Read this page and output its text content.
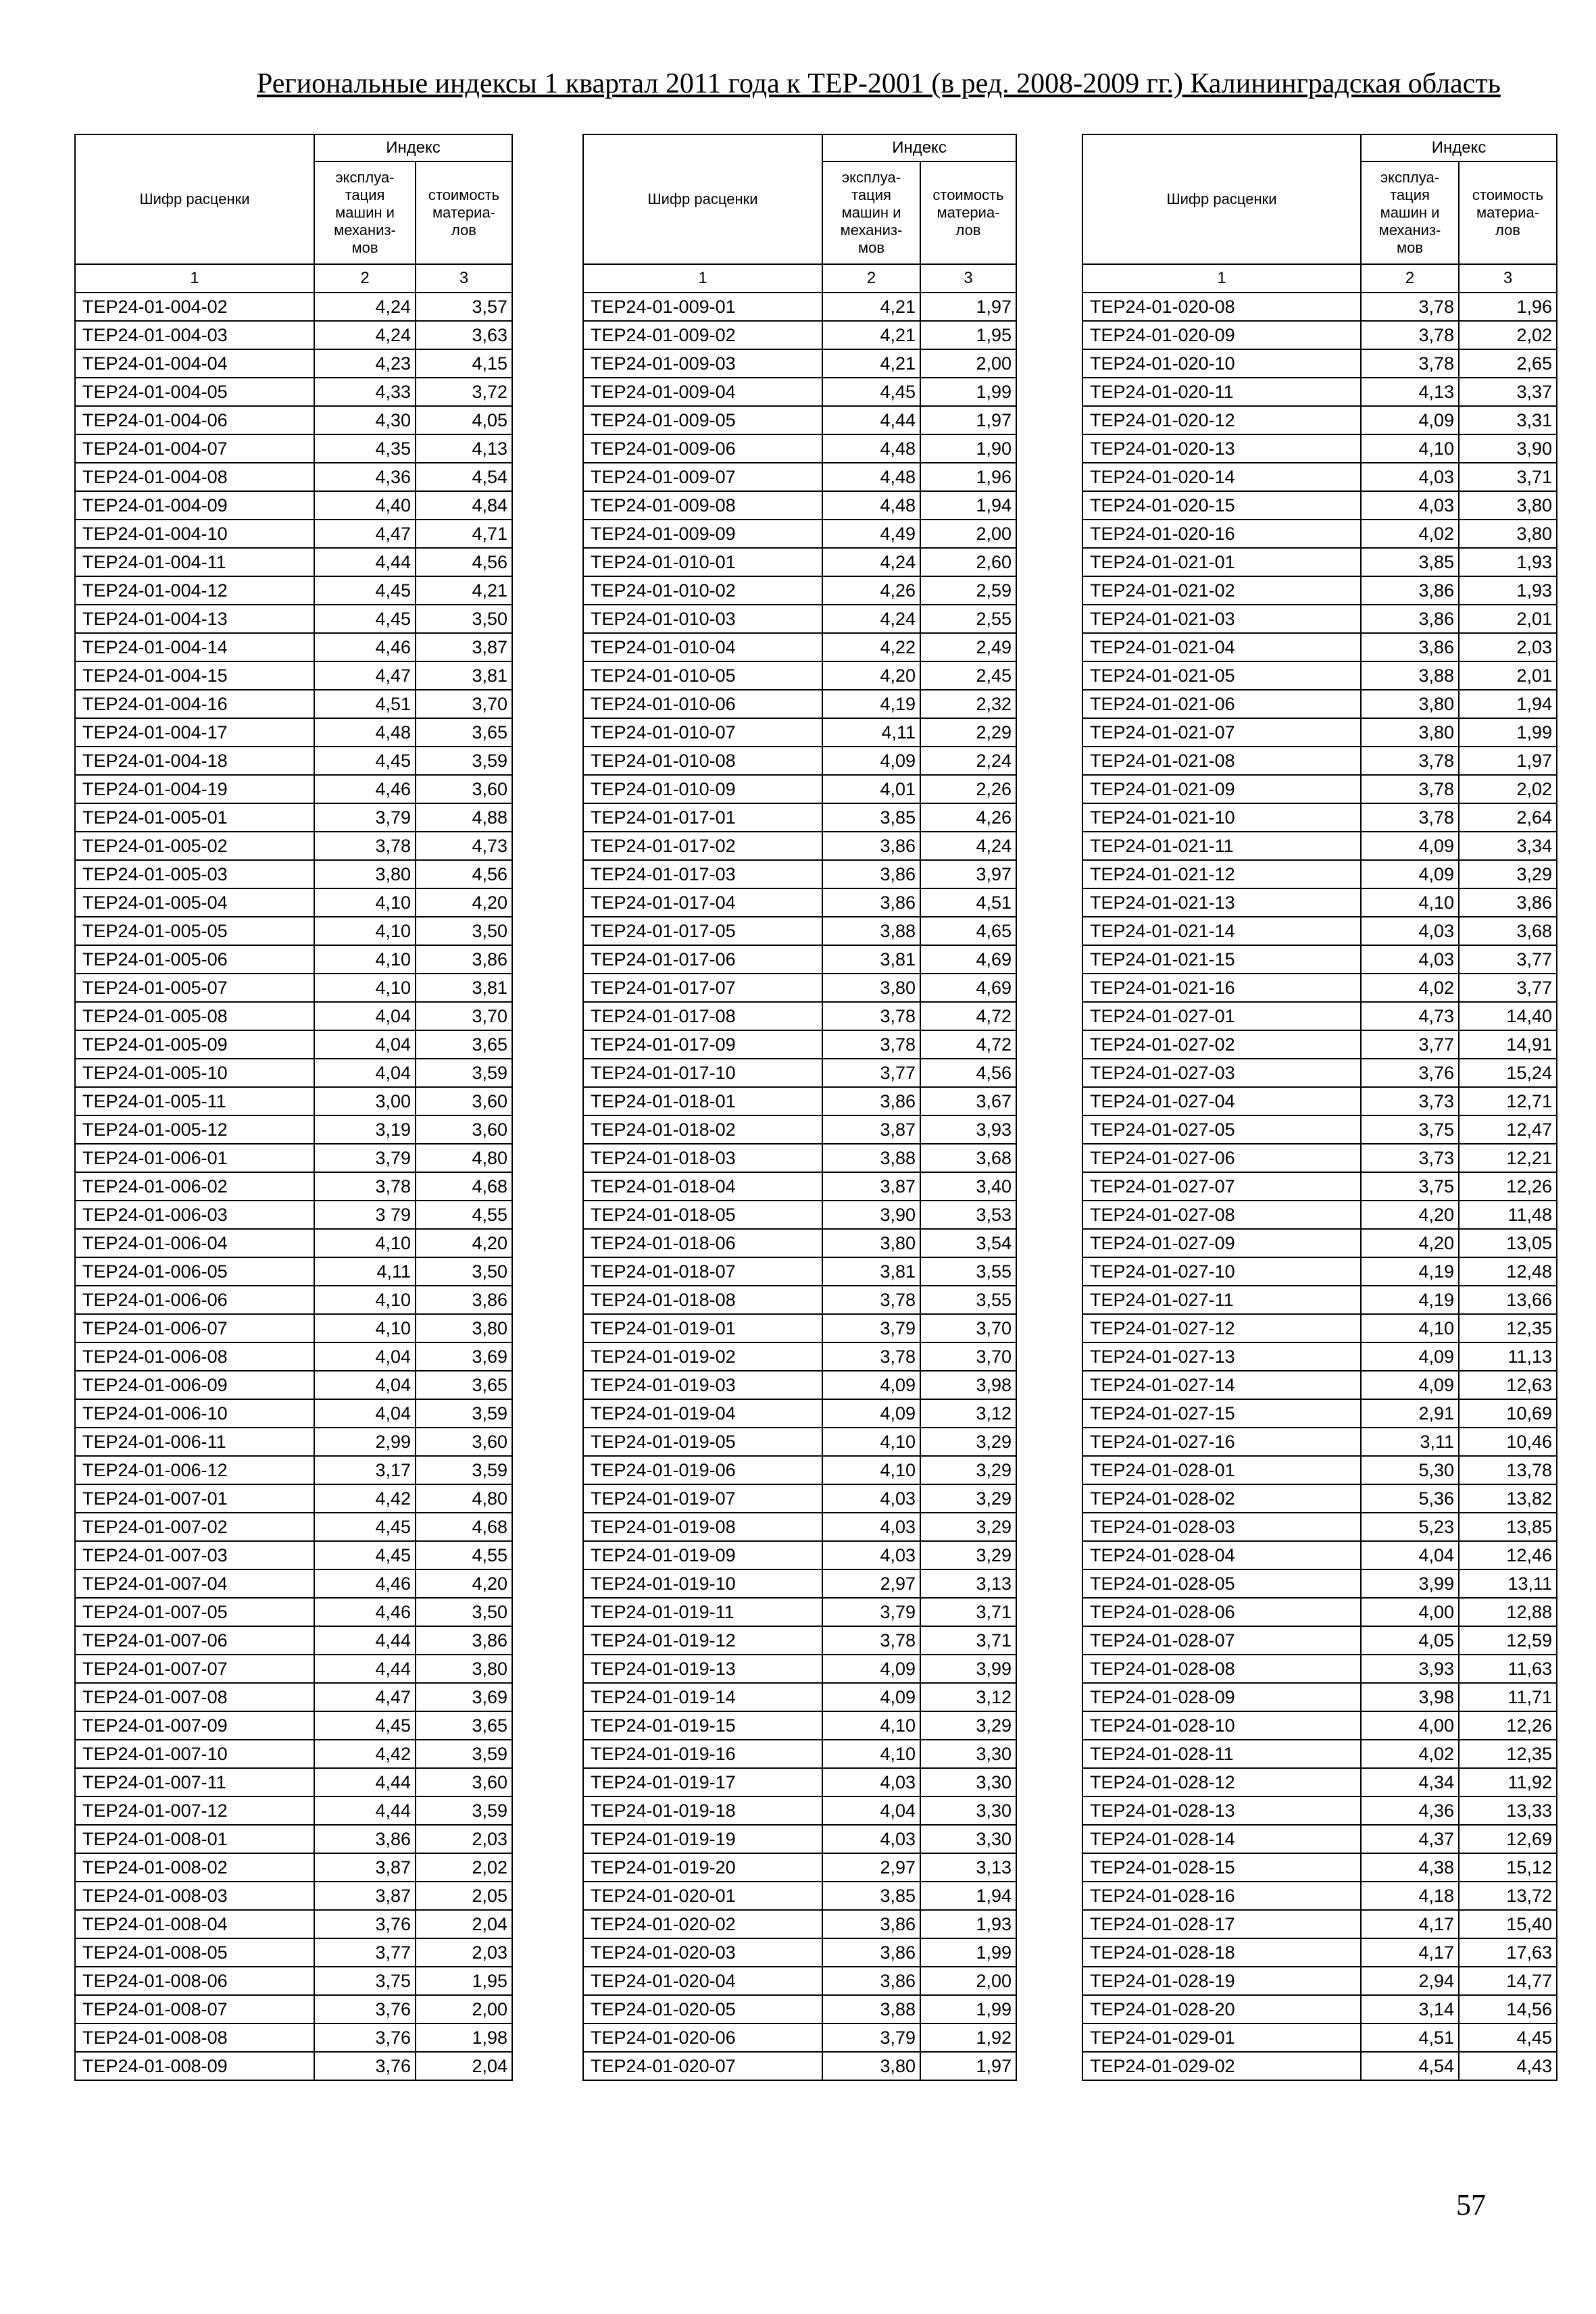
Региональные индексы 1 квартал 2011 года к ТЕР-2001 (в ред. 2008-2009 гг.) Калининградская область
Шифр расценки	Индекс	
	эксплуа-
тация
машин и
механиз-
мов	стоимость
материа-
лов
1	2	3
ТЕР24-01-004-02	4,24	3,57
ТЕР24-01-004-03	4,24	3,63
ТЕР24-01-004-04	4,23	4,15
ТЕР24-01-004-05	4,33	3,72
ТЕР24-01-004-06	4,30	4,05
ТЕР24-01-004-07	4,35	4,13
ТЕР24-01-004-08	4,36	4,54
ТЕР24-01-004-09	4,40	4,84
ТЕР24-01-004-10	4,47	4,71
ТЕР24-01-004-11	4,44	4,56
ТЕР24-01-004-12	4,45	4,21
ТЕР24-01-004-13	4,45	3,50
ТЕР24-01-004-14	4,46	3,87
ТЕР24-01-004-15	4,47	3,81
ТЕР24-01-004-16	4,51	3,70
ТЕР24-01-004-17	4,48	3,65
ТЕР24-01-004-18	4,45	3,59
ТЕР24-01-004-19	4,46	3,60
ТЕР24-01-005-01	3,79	4,88
ТЕР24-01-005-02	3,78	4,73
ТЕР24-01-005-03	3,80	4,56
ТЕР24-01-005-04	4,10	4,20
ТЕР24-01-005-05	4,10	3,50
ТЕР24-01-005-06	4,10	3,86
ТЕР24-01-005-07	4,10	3,81
ТЕР24-01-005-08	4,04	3,70
ТЕР24-01-005-09	4,04	3,65
ТЕР24-01-005-10	4,04	3,59
ТЕР24-01-005-11	3,00	3,60
ТЕР24-01-005-12	3,19	3,60
ТЕР24-01-006-01	3,79	4,80
ТЕР24-01-006-02	3,78	4,68
ТЕР24-01-006-03	3 79	4,55
ТЕР24-01-006-04	4,10	4,20
ТЕР24-01-006-05	4,11	3,50
ТЕР24-01-006-06	4,10	3,86
ТЕР24-01-006-07	4,10	3,80
ТЕР24-01-006-08	4,04	3,69
ТЕР24-01-006-09	4,04	3,65
ТЕР24-01-006-10	4,04	3,59
ТЕР24-01-006-11	2,99	3,60
ТЕР24-01-006-12	3,17	3,59
ТЕР24-01-007-01	4,42	4,80
ТЕР24-01-007-02	4,45	4,68
ТЕР24-01-007-03	4,45	4,55
ТЕР24-01-007-04	4,46	4,20
ТЕР24-01-007-05	4,46	3,50
ТЕР24-01-007-06	4,44	3,86
ТЕР24-01-007-07	4,44	3,80
ТЕР24-01-007-08	4,47	3,69
ТЕР24-01-007-09	4,45	3,65
ТЕР24-01-007-10	4,42	3,59
ТЕР24-01-007-11	4,44	3,60
ТЕР24-01-007-12	4,44	3,59
ТЕР24-01-008-01	3,86	2,03
ТЕР24-01-008-02	3,87	2,02
ТЕР24-01-008-03	3,87	2,05
ТЕР24-01-008-04	3,76	2,04
ТЕР24-01-008-05	3,77	2,03
ТЕР24-01-008-06	3,75	1,95
ТЕР24-01-008-07	3,76	2,00
ТЕР24-01-008-08	3,76	1,98
ТЕР24-01-008-09	3,76	2,04
Шифр расценки	Индекс	
	эксплуа-
тация
машин и
механиз-
мов	стоимость
материа-
лов
1	2	3
ТЕР24-01-009-01	4,21	1,97
ТЕР24-01-009-02	4,21	1,95
ТЕР24-01-009-03	4,21	2,00
ТЕР24-01-009-04	4,45	1,99
ТЕР24-01-009-05	4,44	1,97
ТЕР24-01-009-06	4,48	1,90
ТЕР24-01-009-07	4,48	1,96
ТЕР24-01-009-08	4,48	1,94
ТЕР24-01-009-09	4,49	2,00
ТЕР24-01-010-01	4,24	2,60
ТЕР24-01-010-02	4,26	2,59
ТЕР24-01-010-03	4,24	2,55
ТЕР24-01-010-04	4,22	2,49
ТЕР24-01-010-05	4,20	2,45
ТЕР24-01-010-06	4,19	2,32
ТЕР24-01-010-07	4,11	2,29
ТЕР24-01-010-08	4,09	2,24
ТЕР24-01-010-09	4,01	2,26
ТЕР24-01-017-01	3,85	4,26
ТЕР24-01-017-02	3,86	4,24
ТЕР24-01-017-03	3,86	3,97
ТЕР24-01-017-04	3,86	4,51
ТЕР24-01-017-05	3,88	4,65
ТЕР24-01-017-06	3,81	4,69
ТЕР24-01-017-07	3,80	4,69
ТЕР24-01-017-08	3,78	4,72
ТЕР24-01-017-09	3,78	4,72
ТЕР24-01-017-10	3,77	4,56
ТЕР24-01-018-01	3,86	3,67
ТЕР24-01-018-02	3,87	3,93
ТЕР24-01-018-03	3,88	3,68
ТЕР24-01-018-04	3,87	3,40
ТЕР24-01-018-05	3,90	3,53
ТЕР24-01-018-06	3,80	3,54
ТЕР24-01-018-07	3,81	3,55
ТЕР24-01-018-08	3,78	3,55
ТЕР24-01-019-01	3,79	3,70
ТЕР24-01-019-02	3,78	3,70
ТЕР24-01-019-03	4,09	3,98
ТЕР24-01-019-04	4,09	3,12
ТЕР24-01-019-05	4,10	3,29
ТЕР24-01-019-06	4,10	3,29
ТЕР24-01-019-07	4,03	3,29
ТЕР24-01-019-08	4,03	3,29
ТЕР24-01-019-09	4,03	3,29
ТЕР24-01-019-10	2,97	3,13
ТЕР24-01-019-11	3,79	3,71
ТЕР24-01-019-12	3,78	3,71
ТЕР24-01-019-13	4,09	3,99
ТЕР24-01-019-14	4,09	3,12
ТЕР24-01-019-15	4,10	3,29
ТЕР24-01-019-16	4,10	3,30
ТЕР24-01-019-17	4,03	3,30
ТЕР24-01-019-18	4,04	3,30
ТЕР24-01-019-19	4,03	3,30
ТЕР24-01-019-20	2,97	3,13
ТЕР24-01-020-01	3,85	1,94
ТЕР24-01-020-02	3,86	1,93
ТЕР24-01-020-03	3,86	1,99
ТЕР24-01-020-04	3,86	2,00
ТЕР24-01-020-05	3,88	1,99
ТЕР24-01-020-06	3,79	1,92
ТЕР24-01-020-07	3,80	1,97
Шифр расценки	Индекс	
	эксплуа-
тация
машин и
механиз-
мов	стоимость
материа-
лов
1	2	3
ТЕР24-01-020-08	3,78	1,96
ТЕР24-01-020-09	3,78	2,02
ТЕР24-01-020-10	3,78	2,65
ТЕР24-01-020-11	4,13	3,37
ТЕР24-01-020-12	4,09	3,31
ТЕР24-01-020-13	4,10	3,90
ТЕР24-01-020-14	4,03	3,71
ТЕР24-01-020-15	4,03	3,80
ТЕР24-01-020-16	4,02	3,80
ТЕР24-01-021-01	3,85	1,93
ТЕР24-01-021-02	3,86	1,93
ТЕР24-01-021-03	3,86	2,01
ТЕР24-01-021-04	3,86	2,03
ТЕР24-01-021-05	3,88	2,01
ТЕР24-01-021-06	3,80	1,94
ТЕР24-01-021-07	3,80	1,99
ТЕР24-01-021-08	3,78	1,97
ТЕР24-01-021-09	3,78	2,02
ТЕР24-01-021-10	3,78	2,64
ТЕР24-01-021-11	4,09	3,34
ТЕР24-01-021-12	4,09	3,29
ТЕР24-01-021-13	4,10	3,86
ТЕР24-01-021-14	4,03	3,68
ТЕР24-01-021-15	4,03	3,77
ТЕР24-01-021-16	4,02	3,77
ТЕР24-01-027-01	4,73	14,40
ТЕР24-01-027-02	3,77	14,91
ТЕР24-01-027-03	3,76	15,24
ТЕР24-01-027-04	3,73	12,71
ТЕР24-01-027-05	3,75	12,47
ТЕР24-01-027-06	3,73	12,21
ТЕР24-01-027-07	3,75	12,26
ТЕР24-01-027-08	4,20	11,48
ТЕР24-01-027-09	4,20	13,05
ТЕР24-01-027-10	4,19	12,48
ТЕР24-01-027-11	4,19	13,66
ТЕР24-01-027-12	4,10	12,35
ТЕР24-01-027-13	4,09	11,13
ТЕР24-01-027-14	4,09	12,63
ТЕР24-01-027-15	2,91	10,69
ТЕР24-01-027-16	3,11	10,46
ТЕР24-01-028-01	5,30	13,78
ТЕР24-01-028-02	5,36	13,82
ТЕР24-01-028-03	5,23	13,85
ТЕР24-01-028-04	4,04	12,46
ТЕР24-01-028-05	3,99	13,11
ТЕР24-01-028-06	4,00	12,88
ТЕР24-01-028-07	4,05	12,59
ТЕР24-01-028-08	3,93	11,63
ТЕР24-01-028-09	3,98	11,71
ТЕР24-01-028-10	4,00	12,26
ТЕР24-01-028-11	4,02	12,35
ТЕР24-01-028-12	4,34	11,92
ТЕР24-01-028-13	4,36	13,33
ТЕР24-01-028-14	4,37	12,69
ТЕР24-01-028-15	4,38	15,12
ТЕР24-01-028-16	4,18	13,72
ТЕР24-01-028-17	4,17	15,40
ТЕР24-01-028-18	4,17	17,63
ТЕР24-01-028-19	2,94	14,77
ТЕР24-01-028-20	3,14	14,56
ТЕР24-01-029-01	4,51	4,45
ТЕР24-01-029-02	4,54	4,43
57
